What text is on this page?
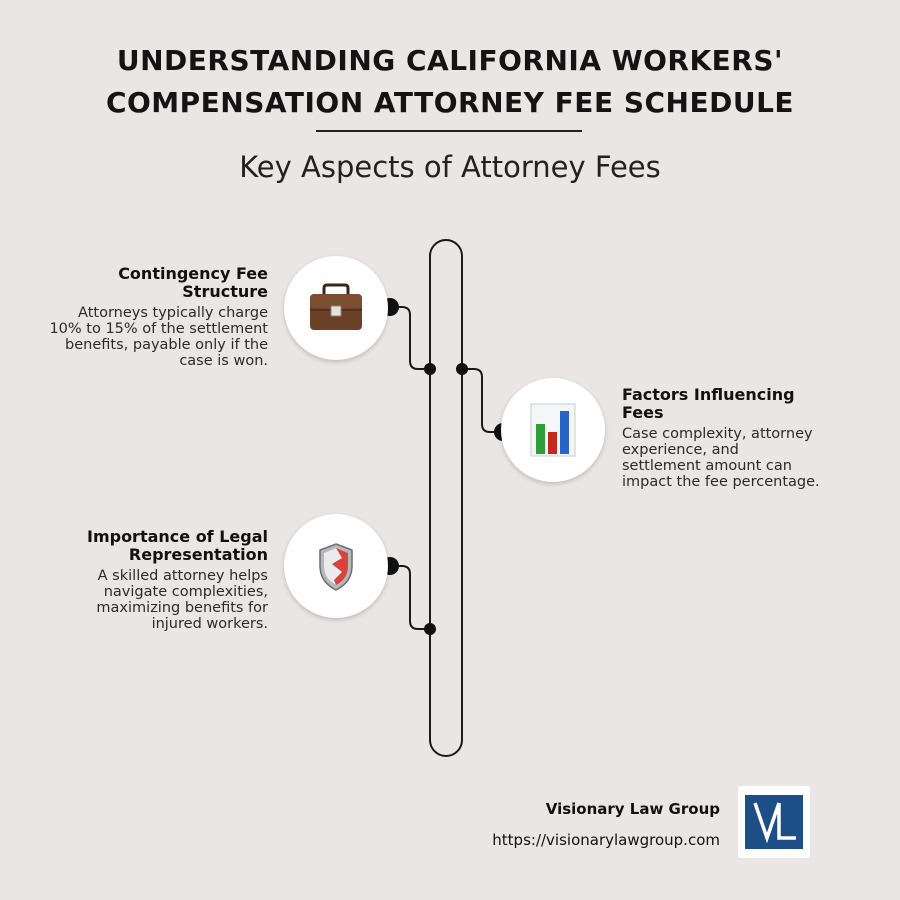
UNDERSTANDING CALIFORNIA WORKERS'
COMPENSATION ATTORNEY FEE SCHEDULE
Key Aspects of Attorney Fees
Contingency Fee
Structure

Attorneys typically charge
10% to 15% of the settlement
benefits, payable only if the
case is won.

Factors Influencing
Fees

Case complexity, attorney
experience, and
settlement amount can
impact the fee percentage.

Importance of Legal
Representation

A skilled attorney helps
navigate complexities,
maximizing benefits for
injured workers.

Visionary Law Group
https://visionarylawgroup.com
